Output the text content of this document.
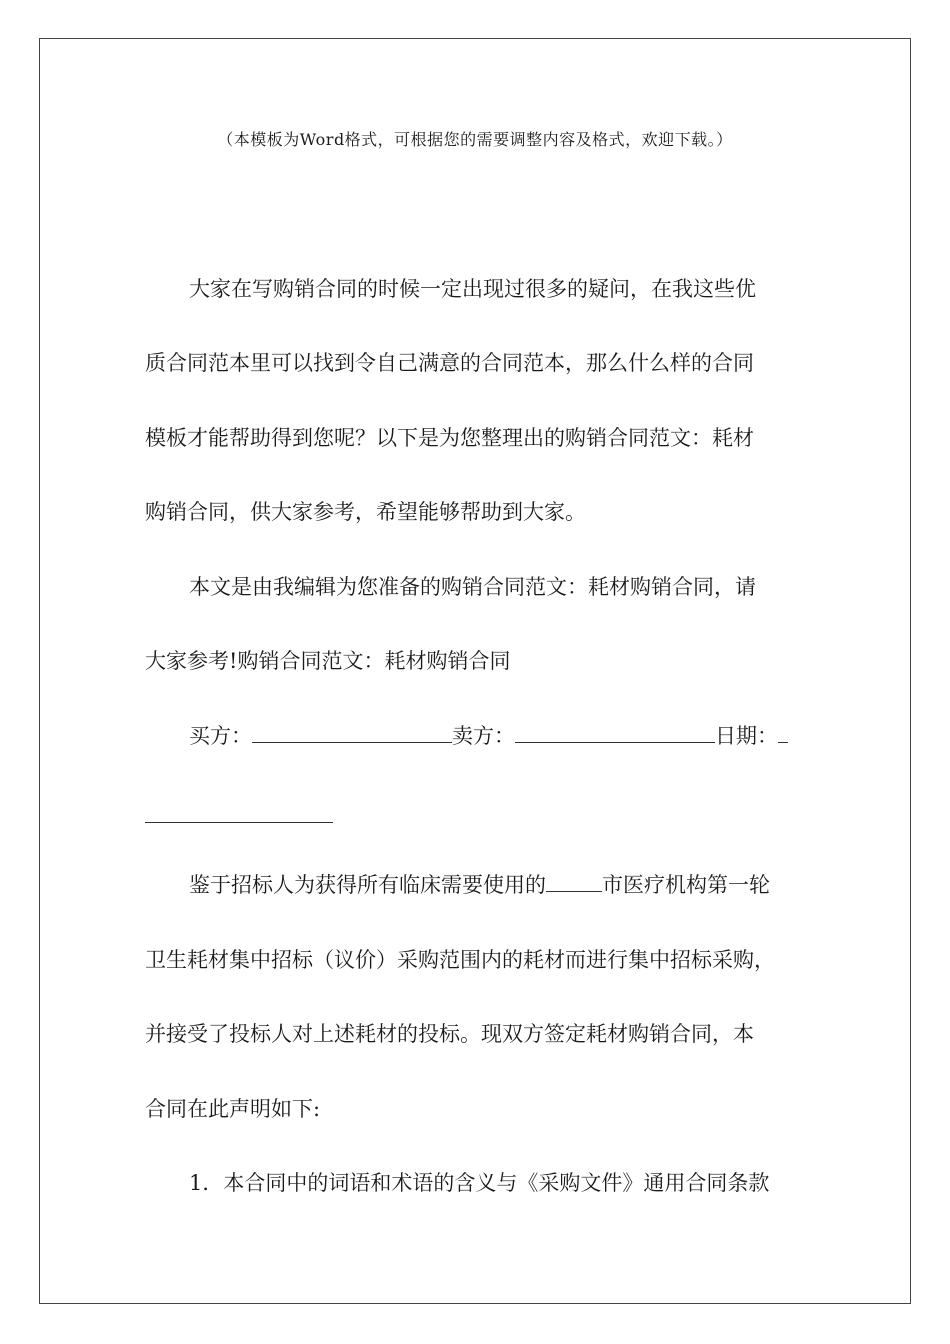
（本模板为Word格式，可根据您的需要调整内容及格式，欢迎下载。）
大家在写购销合同的时候一定出现过很多的疑问，在我这些优
质合同范本里可以找到令自己满意的合同范本，那么什么样的合同
模板才能帮助得到您呢？以下是为您整理出的购销合同范文：耗材
购销合同，供大家参考，希望能够帮助到大家。
本文是由我编辑为您准备的购销合同范文：耗材购销合同，请
大家参考!购销合同范文：耗材购销合同
买方：	卖方：	日期：
鉴于招标人为获得所有临床需要使用的	市医疗机构第一轮
卫生耗材集中招标（议价）采购范围内的耗材而进行集中招标采购，
并接受了投标人对上述耗材的投标。现双方签定耗材购销合同，本
合同在此声明如下:
1．本合同中的词语和术语的含义与《采购文件》通用合同条款
